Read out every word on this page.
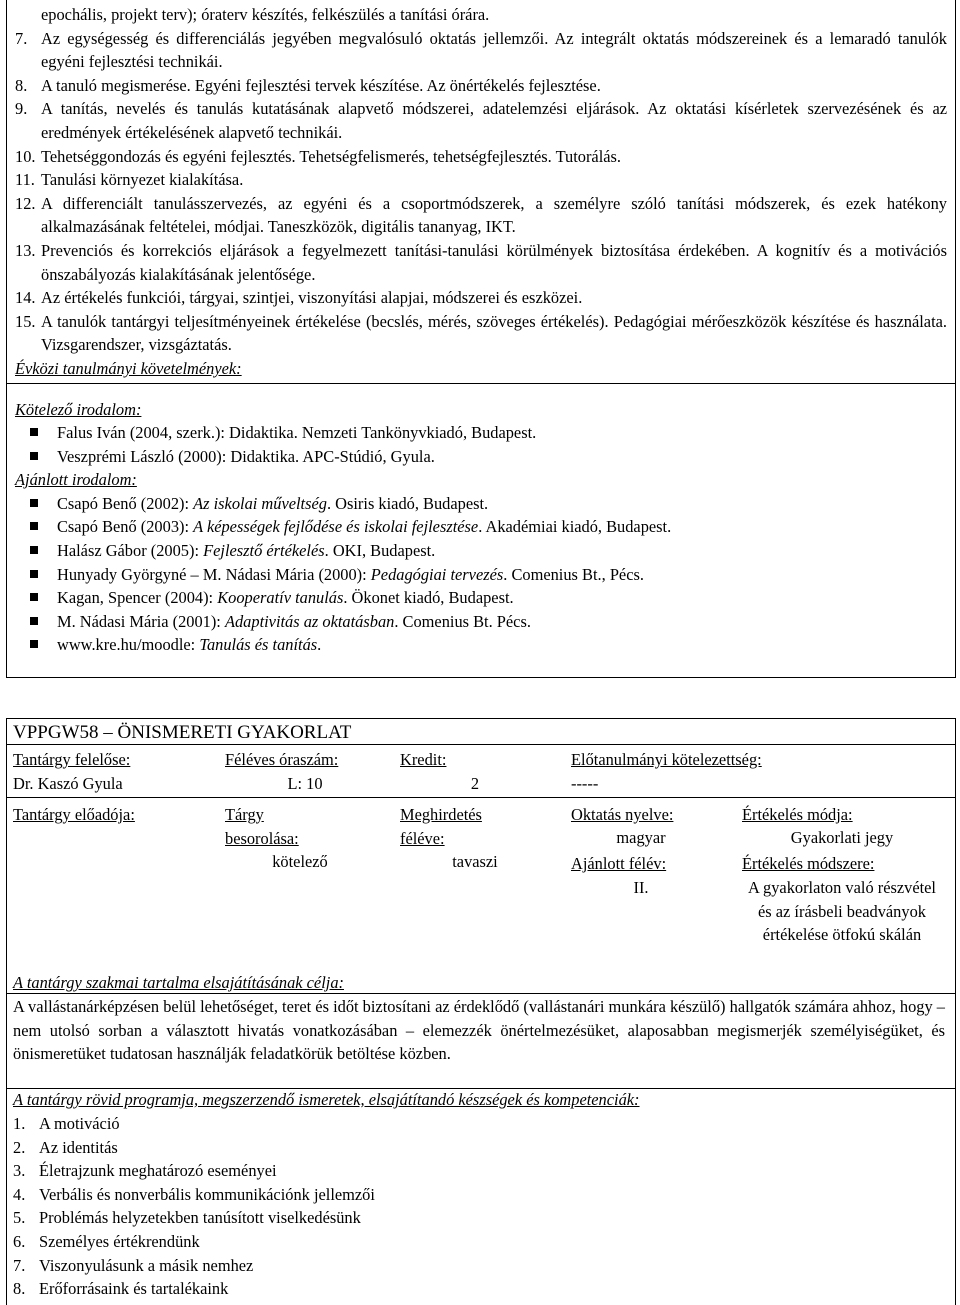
epochális, projekt terv); óraterv készítés, felkészülés a tanítási órára.
7. Az egységesség és differenciálás jegyében megvalósuló oktatás jellemzői. Az integrált oktatás módszereinek és a lemaradó tanulók egyéni fejlesztési technikái.
8. A tanuló megismerése. Egyéni fejlesztési tervek készítése. Az önértékelés fejlesztése.
9. A tanítás, nevelés és tanulás kutatásának alapvető módszerei, adatelemzési eljárások. Az oktatási kísérletek szervezésének és az eredmények értékelésének alapvető technikái.
10. Tehetséggondozás és egyéni fejlesztés. Tehetségfelismerés, tehetségfejlesztés. Tutorálás.
11. Tanulási környezet kialakítása.
12. A differenciált tanulásszervezés, az egyéni és a csoportmódszerek, a személyre szóló tanítási módszerek, és ezek hatékony alkalmazásának feltételei, módjai. Taneszközök, digitális tananyag, IKT.
13. Prevenciós és korrekciós eljárások a fegyelmezett tanítási-tanulási körülmények biztosítása érdekében. A kognitív és a motivációs önszabályozás kialakításának jelentősége.
14. Az értékelés funkciói, tárgyai, szintjei, viszonyítási alapjai, módszerei és eszközei.
15. A tanulók tantárgyi teljesítményeinek értékelése (becslés, mérés, szöveges értékelés). Pedagógiai mérőeszközök készítése és használata. Vizsgarendszer, vizsgáztatás.
Évközi tanulmányi követelmények:
Kötelező irodalom:
Falus Iván (2004, szerk.): Didaktika. Nemzeti Tankönyvkiadó, Budapest.
Veszprémi László (2000): Didaktika. APC-Stúdió, Gyula.
Ajánlott irodalom:
Csapó Benő (2002): Az iskolai műveltség. Osiris kiadó, Budapest.
Csapó Benő (2003): A képességek fejlődése és iskolai fejlesztése. Akadémiai kiadó, Budapest.
Halász Gábor (2005): Fejlesztő értékelés. OKI, Budapest.
Hunyady Györgyné – M. Nádasi Mária (2000): Pedagógiai tervezés. Comenius Bt., Pécs.
Kagan, Spencer (2004): Kooperatív tanulás. Ökonet kiadó, Budapest.
M. Nádasi Mária (2001): Adaptivitás az oktatásban. Comenius Bt. Pécs.
www.kre.hu/moodle: Tanulás és tanítás.
VPPGW58 – ÖNISMERETI GYAKORLAT
Tantárgy felelőse:
Dr. Kaszó Gyula
Féléves óraszám:
L: 10
Kredit:
2
Előtanulmányi kötelezettség:
-----
Tantárgy előadója:	Tárgy
besorolása:
kötelező
Meghirdetés
féléve:
tavaszi
Oktatás nyelve:
magyar
Ajánlott félév:
II.
Értékelés módja:
Gyakorlati jegy
Értékelés módszere:
A gyakorlaton való részvétel és az írásbeli beadványok értékelése ötfokú skálán
A tantárgy szakmai tartalma elsajátításának célja:
A vallástanárképzésen belül lehetőséget, teret és időt biztosítani az érdeklődő (vallástanári munkára készülő) hallgatók számára ahhoz, hogy – nem utolsó sorban a választott hivatás vonatkozásában – elemezzék önértelmezésüket, alaposabban megismerjék személyiségüket, és önismeretüket tudatosan használják feladatkörük betöltése közben.
A tantárgy rövid programja, megszerzendő ismeretek, elsajátítandó készségek és kompetenciák:
1. A motiváció
2. Az identitás
3. Életrajzunk meghatározó eseményei
4. Verbális és nonverbális kommunikációnk jellemzői
5. Problémás helyzetekben tanúsított viselkedésünk
6. Személyes értékrendünk
7. Viszonyulásunk a másik nemhez
8. Erőforrásaink és tartalékaink
